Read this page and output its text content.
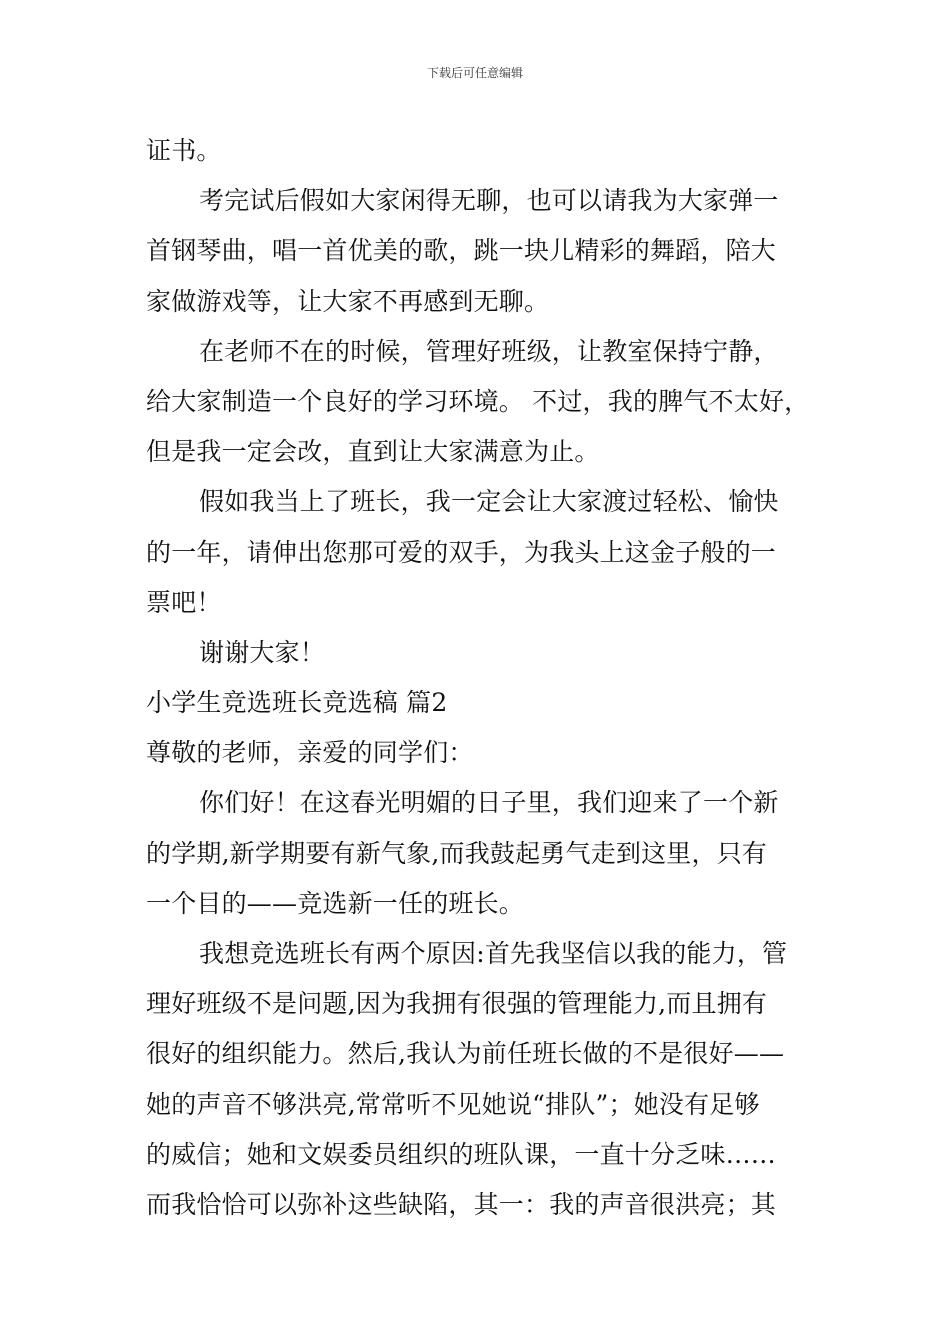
下载后可任意编辑
证书。
考完试后假如大家闲得无聊，也可以请我为大家弹一
首钢琴曲，唱一首优美的歌，跳一块儿精彩的舞蹈，陪大
家做游戏等，让大家不再感到无聊。
在老师不在的时候，管理好班级，让教室保持宁静，
给大家制造一个良好的学习环境。 不过，我的脾气不太好，
但是我一定会改，直到让大家满意为止。
假如我当上了班长，我一定会让大家渡过轻松、愉快
的一年，请伸出您那可爱的双手，为我头上这金子般的一
票吧！
谢谢大家！
小学生竞选班长竞选稿 篇2
尊敬的老师，亲爱的同学们：
你们好！在这春光明媚的日子里，我们迎来了一个新
的学期,新学期要有新气象,而我鼓起勇气走到这里，只有
一个目的——竞选新一任的班长。
我想竞选班长有两个原因:首先我坚信以我的能力，管
理好班级不是问题,因为我拥有很强的管理能力,而且拥有
很好的组织能力。然后,我认为前任班长做的不是很好——
她的声音不够洪亮,常常听不见她说“排队”；她没有足够
的威信；她和文娱委员组织的班队课，一直十分乏味……
而我恰恰可以弥补这些缺陷，其一：我的声音很洪亮；其
